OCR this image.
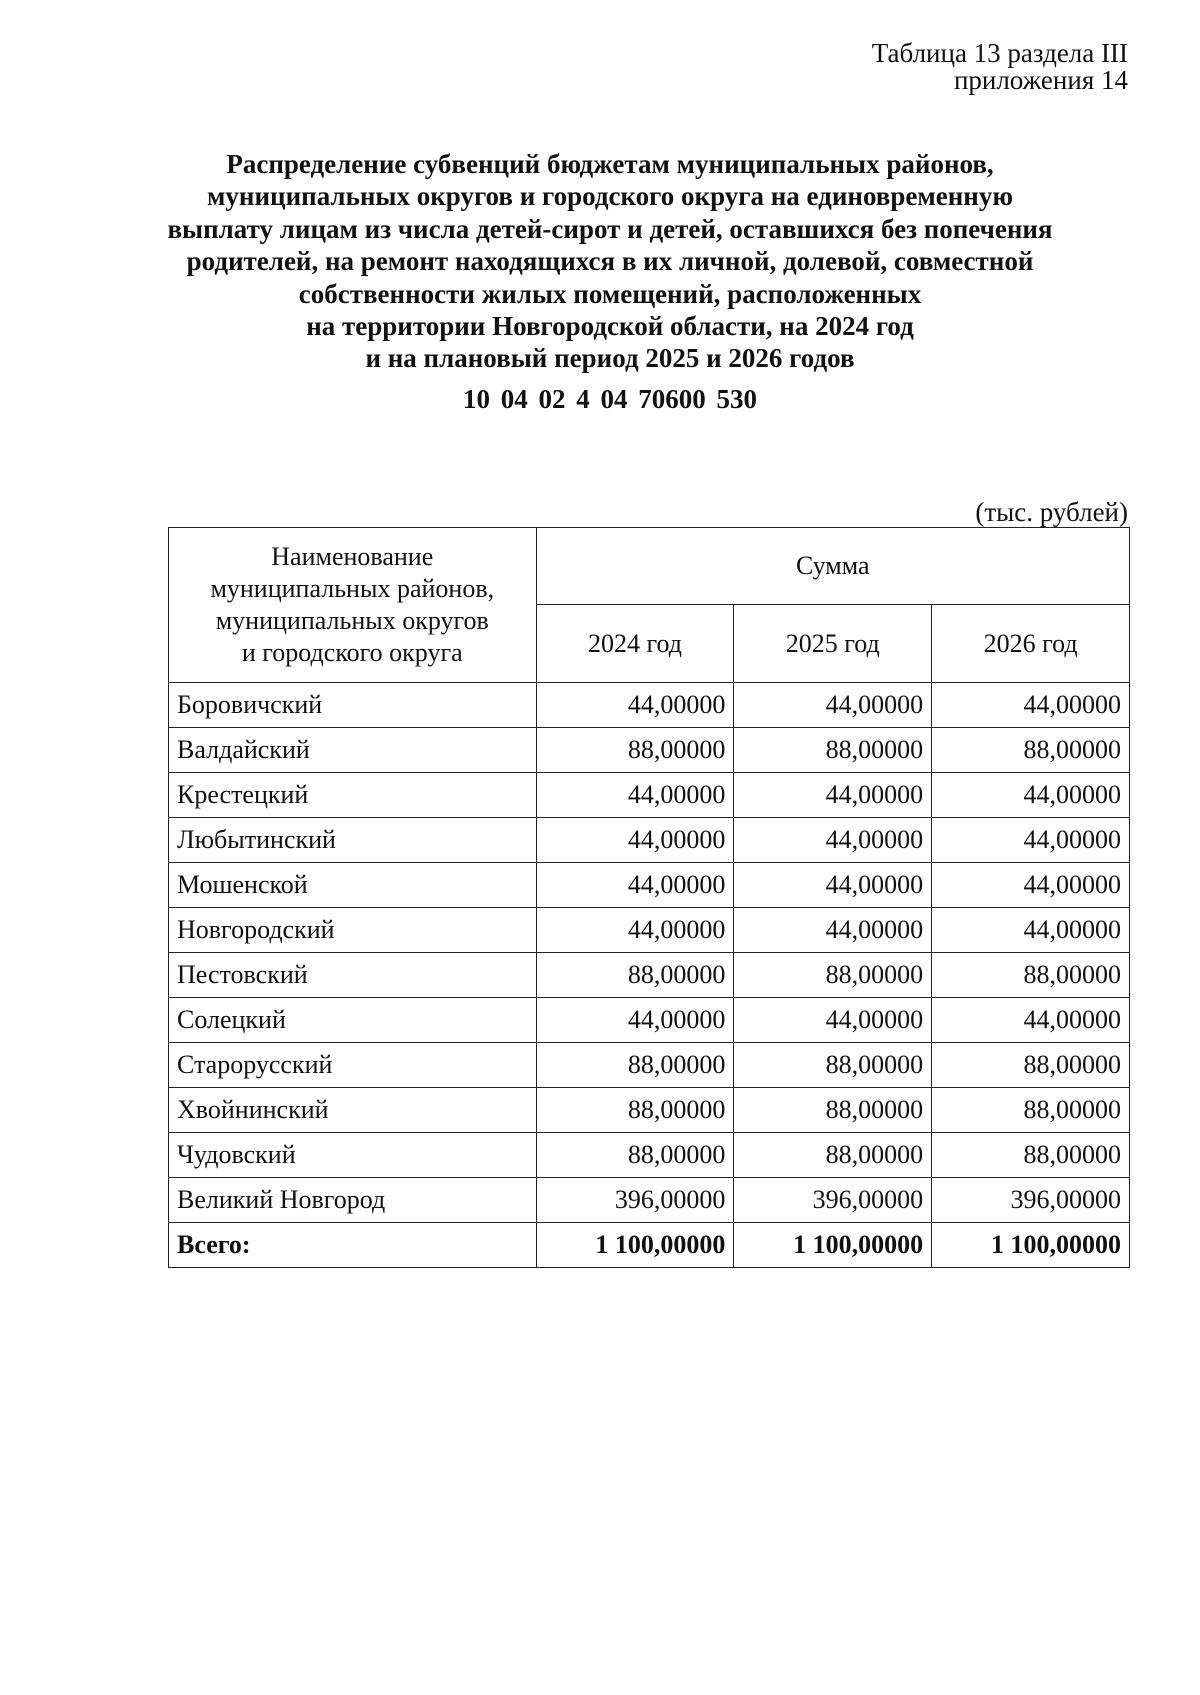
Таблица 13 раздела III
приложения 14
Распределение субвенций бюджетам муниципальных районов,
муниципальных округов и городского округа на единовременную
выплату лицам из числа детей-сирот и детей, оставшихся без попечения
родителей, на ремонт находящихся в их личной, долевой, совместной
собственности жилых помещений, расположенных
на территории Новгородской области, на 2024 год
и на плановый период 2025 и 2026 годов
10 04 02 4 04 70600 530
(тыс. рублей)
Наименование
муниципальных районов,
муниципальных округов
и городского округа	Сумма		
	2024 год	2025 год	2026 год
Боровичский	44,00000	44,00000	44,00000
Валдайский	88,00000	88,00000	88,00000
Крестецкий	44,00000	44,00000	44,00000
Любытинский	44,00000	44,00000	44,00000
Мошенской	44,00000	44,00000	44,00000
Новгородский	44,00000	44,00000	44,00000
Пестовский	88,00000	88,00000	88,00000
Солецкий	44,00000	44,00000	44,00000
Старорусский	88,00000	88,00000	88,00000
Хвойнинский	88,00000	88,00000	88,00000
Чудовский	88,00000	88,00000	88,00000
Великий Новгород	396,00000	396,00000	396,00000
Всего:	1 100,00000	1 100,00000	1 100,00000
